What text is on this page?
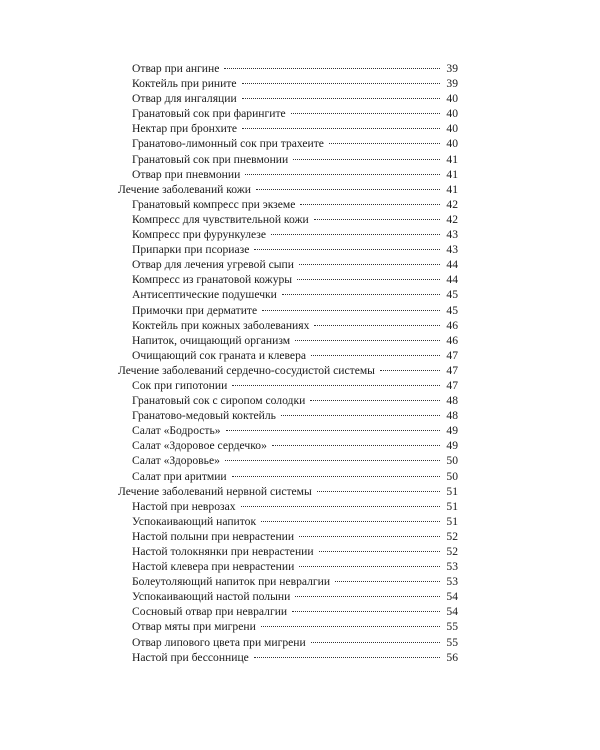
Отвар при ангине	39
Коктейль при рините	39
Отвар для ингаляции	40
Гранатовый сок при фарингите	40
Нектар при бронхите	40
Гранатово-лимонный сок при трахеите	40
Гранатовый сок при пневмонии	41
Отвар при пневмонии	41
Лечение заболеваний кожи	41
Гранатовый компресс при экземе	42
Компресс для чувствительной кожи	42
Компресс при фурункулезе	43
Припарки при псориазе	43
Отвар для лечения угревой сыпи	44
Компресс из гранатовой кожуры	44
Антисептические подушечки	45
Примочки при дерматите	45
Коктейль при кожных заболеваниях	46
Напиток, очищающий организм	46
Очищающий сок граната и клевера	47
Лечение заболеваний сердечно-сосудистой системы	47
Сок при гипотонии	47
Гранатовый сок с сиропом солодки	48
Гранатово-медовый коктейль	48
Салат «Бодрость»	49
Салат «Здоровое сердечко»	49
Салат «Здоровье»	50
Салат при аритмии	50
Лечение заболеваний нервной системы	51
Настой при неврозах	51
Успокаивающий напиток	51
Настой полыни при неврастении	52
Настой толокнянки при неврастении	52
Настой клевера при неврастении	53
Болеутоляющий напиток при невралгии	53
Успокаивающий настой полыни	54
Сосновый отвар при невралгии	54
Отвар мяты при мигрени	55
Отвар липового цвета при мигрени	55
Настой при бессоннице	56
